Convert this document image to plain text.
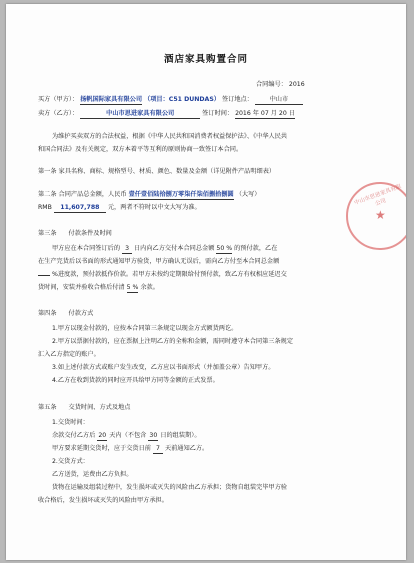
酒店家具购置合同
合同编号： 2016
买方（甲方）： 扬帆国际家具有限公司 （项目：C51 DUNDAS） 签订地点：	中山市
卖方（乙方）：	中山市思进家具有限公司	签订时间： 2016 年 07 月 20 日
为维护买卖双方的合法权益，根据《中华人民共和国消费者权益保护法》、《中华人民共
和国合同法》及有关规定，双方本着平等互利的原则协商一致签订本合同。
第一条 家具名称、商标、规格型号、材质、颜色、数量及金额（详见附件产品明细表）
第二条 合同产品总金额，人民币 壹仟壹佰陆拾捌万零柒仟柒佰捌拾捌圆 （大写）
RMB 11,607,788 元，两者不符时以中文大写为准。
第三条 付款条件及时间
甲方应在本合同签订后的 3 日内向乙方交付本合同总金额 50 % 的预付款，乙在
在生产完货后以书面的形式通知甲方验货，甲方确认无误后，需向乙方付至本合同总金额
%进度款，预付款抵作价款。若甲方未按约定期限给付预付款，致乙方有权相应延迟交
货时间，安装并验收合格后付清 5 % 余款。
第四条 付款方式
1.甲方以现金付款的，应按本合同第三条规定以现金方式额货两讫。
2.甲方以票据付款的，应在票据上注明乙方的全称和金额，需同时遵守本合同第三条规定
汇入乙方指定的账户。
3.如上述付款方式或账户发生改变，乙方应以书面形式（并加盖公章）告知甲方。
4.乙方在收到货款的同时应开具给甲方同等金额的正式发票。
第五条 交货时间、方式及地点
1.交货时间：
余款交付乙方后 20 天内（不包含 30 日的组装期）。
甲方要求延期交货时，应于交货日前 7 天前通知乙方。
2.交货方式：
乙方送货，运费由乙方负担。
货物在运输及组装过程中，发生损坏或灭失的风险由乙方承担；货物自组装完毕甲方验
收合格后，发生损坏或灭失的风险由甲方承担。
中山市思进家具有限公司
★
